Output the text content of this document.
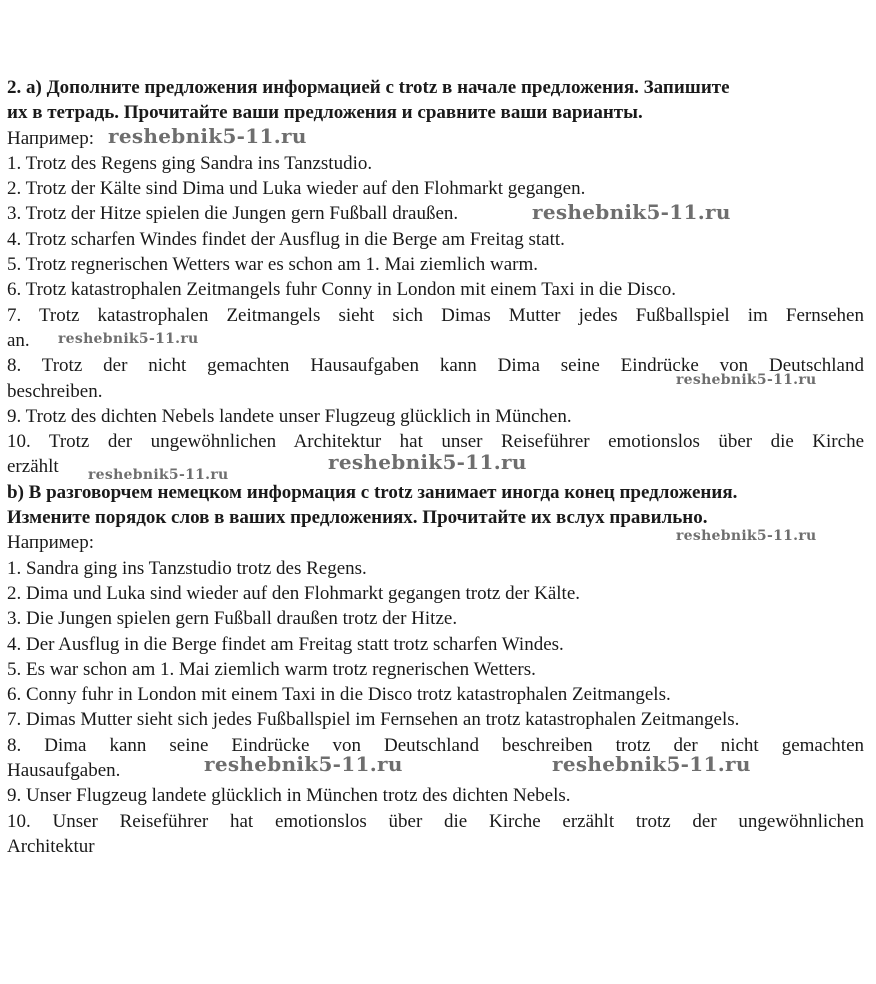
2. а) Дополните предложения информацией с trotz в начале предложения. Запишите

их в тетрадь. Прочитайте ваши предложения и сравните ваши варианты.

Например:

1. Trotz des Regens ging Sandra ins Tanzstudio.

2. Trotz der Kälte sind Dima und Luka wieder auf den Flohmarkt gegangen.

3. Trotz der Hitze spielen die Jungen gern Fußball draußen.

4. Trotz scharfen Windes findet der Ausflug in die Berge am Freitag statt.

5. Trotz regnerischen Wetters war es schon am 1. Mai ziemlich warm.

6. Trotz katastrophalen Zeitmangels fuhr Conny in London mit einem Taxi in die Disco.

7. Trotz katastrophalen Zeitmangels sieht sich Dimas Mutter jedes Fußballspiel im Fernsehen

an.

8. Trotz der nicht gemachten Hausaufgaben kann Dima seine Eindrücke von Deutschland

beschreiben.

9. Trotz des dichten Nebels landete unser Flugzeug glücklich in München.

10. Trotz der ungewöhnlichen Architektur hat unser Reiseführer emotionslos über die Kirche

erzählt

b) В разговорчем немецком информация с trotz занимает иногда конец предложения.

Измените порядок слов в ваших предложениях. Прочитайте их вслух правильно.

Например:

1. Sandra ging ins Tanzstudio trotz des Regens.

2. Dima und Luka sind wieder auf den Flohmarkt gegangen trotz der Kälte.

3. Die Jungen spielen gern Fußball draußen trotz der Hitze.

4. Der Ausflug in die Berge findet am Freitag statt trotz scharfen Windes.

5. Es war schon am 1. Mai ziemlich warm trotz regnerischen Wetters.

6. Conny fuhr in London mit einem Taxi in die Disco trotz katastrophalen Zeitmangels.

7. Dimas Mutter sieht sich jedes Fußballspiel im Fernsehen an trotz katastrophalen Zeitmangels.

8. Dima kann seine Eindrücke von Deutschland beschreiben trotz der nicht gemachten

Hausaufgaben.

9. Unser Flugzeug landete glücklich in München trotz des dichten Nebels.

10. Unser Reiseführer hat emotionslos über die Kirche erzählt trotz der ungewöhnlichen

Architektur

reshebnik5-11.ru
reshebnik5-11.ru
reshebnik5-11.ru
reshebnik5-11.ru
reshebnik5-11.ru
reshebnik5-11.ru
reshebnik5-11.ru
reshebnik5-11.ru	reshebnik5-11.ru
